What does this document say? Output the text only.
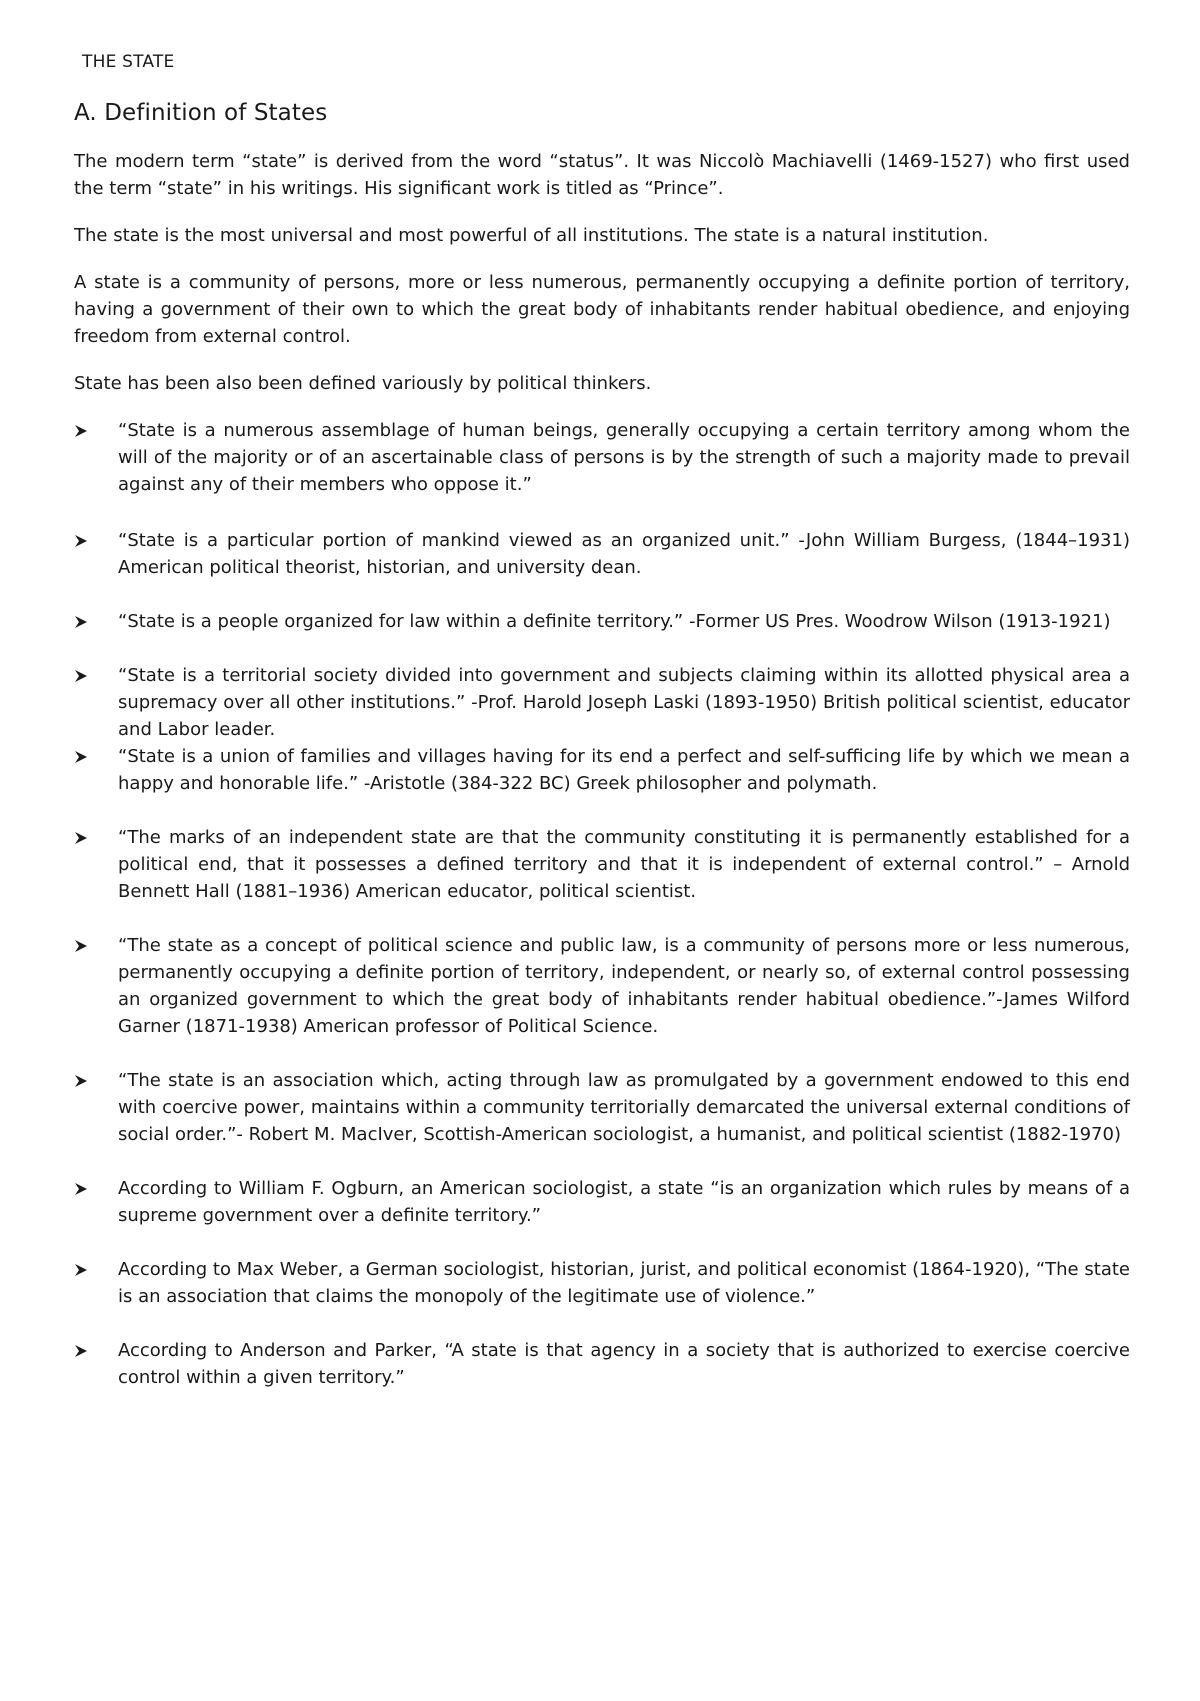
THE STATE
A. Definition of States

The modern term “state” is derived from the word “status”. It was Niccolò Machiavelli (1469-1527) who first used the term “state” in his writings. His significant work is titled as “Prince”.

The state is the most universal and most powerful of all institutions. The state is a natural institution.

A state is a community of persons, more or less numerous, permanently occupying a definite portion of territory, having a government of their own to which the great body of inhabitants render habitual obedience, and enjoying freedom from external control.

State has been also been defined variously by political thinkers.

“State is a numerous assemblage of human beings, generally occupying a certain territory among whom the will of the majority or of an ascertainable class of persons is by the strength of such a majority made to prevail against any of their members who oppose it.”
“State is a particular portion of mankind viewed as an organized unit.” -John William Burgess, (1844–1931) American political theorist, historian, and university dean.
“State is a people organized for law within a definite territory.” -Former US Pres. Woodrow Wilson (1913-1921)
“State is a territorial society divided into government and subjects claiming within its allotted physical area a supremacy over all other institutions.” -Prof. Harold Joseph Laski (1893-1950) British political scientist, educator and Labor leader.
“State is a union of families and villages having for its end a perfect and self-sufficing life by which we mean a happy and honorable life.” -Aristotle (384-322 BC) Greek philosopher and polymath.
“The marks of an independent state are that the community constituting it is permanently established for a political end, that it possesses a defined territory and that it is independent of external control.” – Arnold Bennett Hall (1881–1936) American educator, political scientist.
“The state as a concept of political science and public law, is a community of persons more or less numerous, permanently occupying a definite portion of territory, independent, or nearly so, of external control possessing an organized government to which the great body of inhabitants render habitual obedience.”-James Wilford Garner (1871-1938) American professor of Political Science.
“The state is an association which, acting through law as promulgated by a government endowed to this end with coercive power, maintains within a community territorially demarcated the universal external conditions of social order.”- Robert M. MacIver, Scottish-American sociologist, a humanist, and political scientist (1882-1970)
According to William F. Ogburn, an American sociologist, a state “is an organization which rules by means of a supreme government over a definite territory.”
According to Max Weber, a German sociologist, historian, jurist, and political economist (1864-1920), “The state is an association that claims the monopoly of the legitimate use of violence.”
According to Anderson and Parker, “A state is that agency in a society that is authorized to exercise coercive control within a given territory.”
